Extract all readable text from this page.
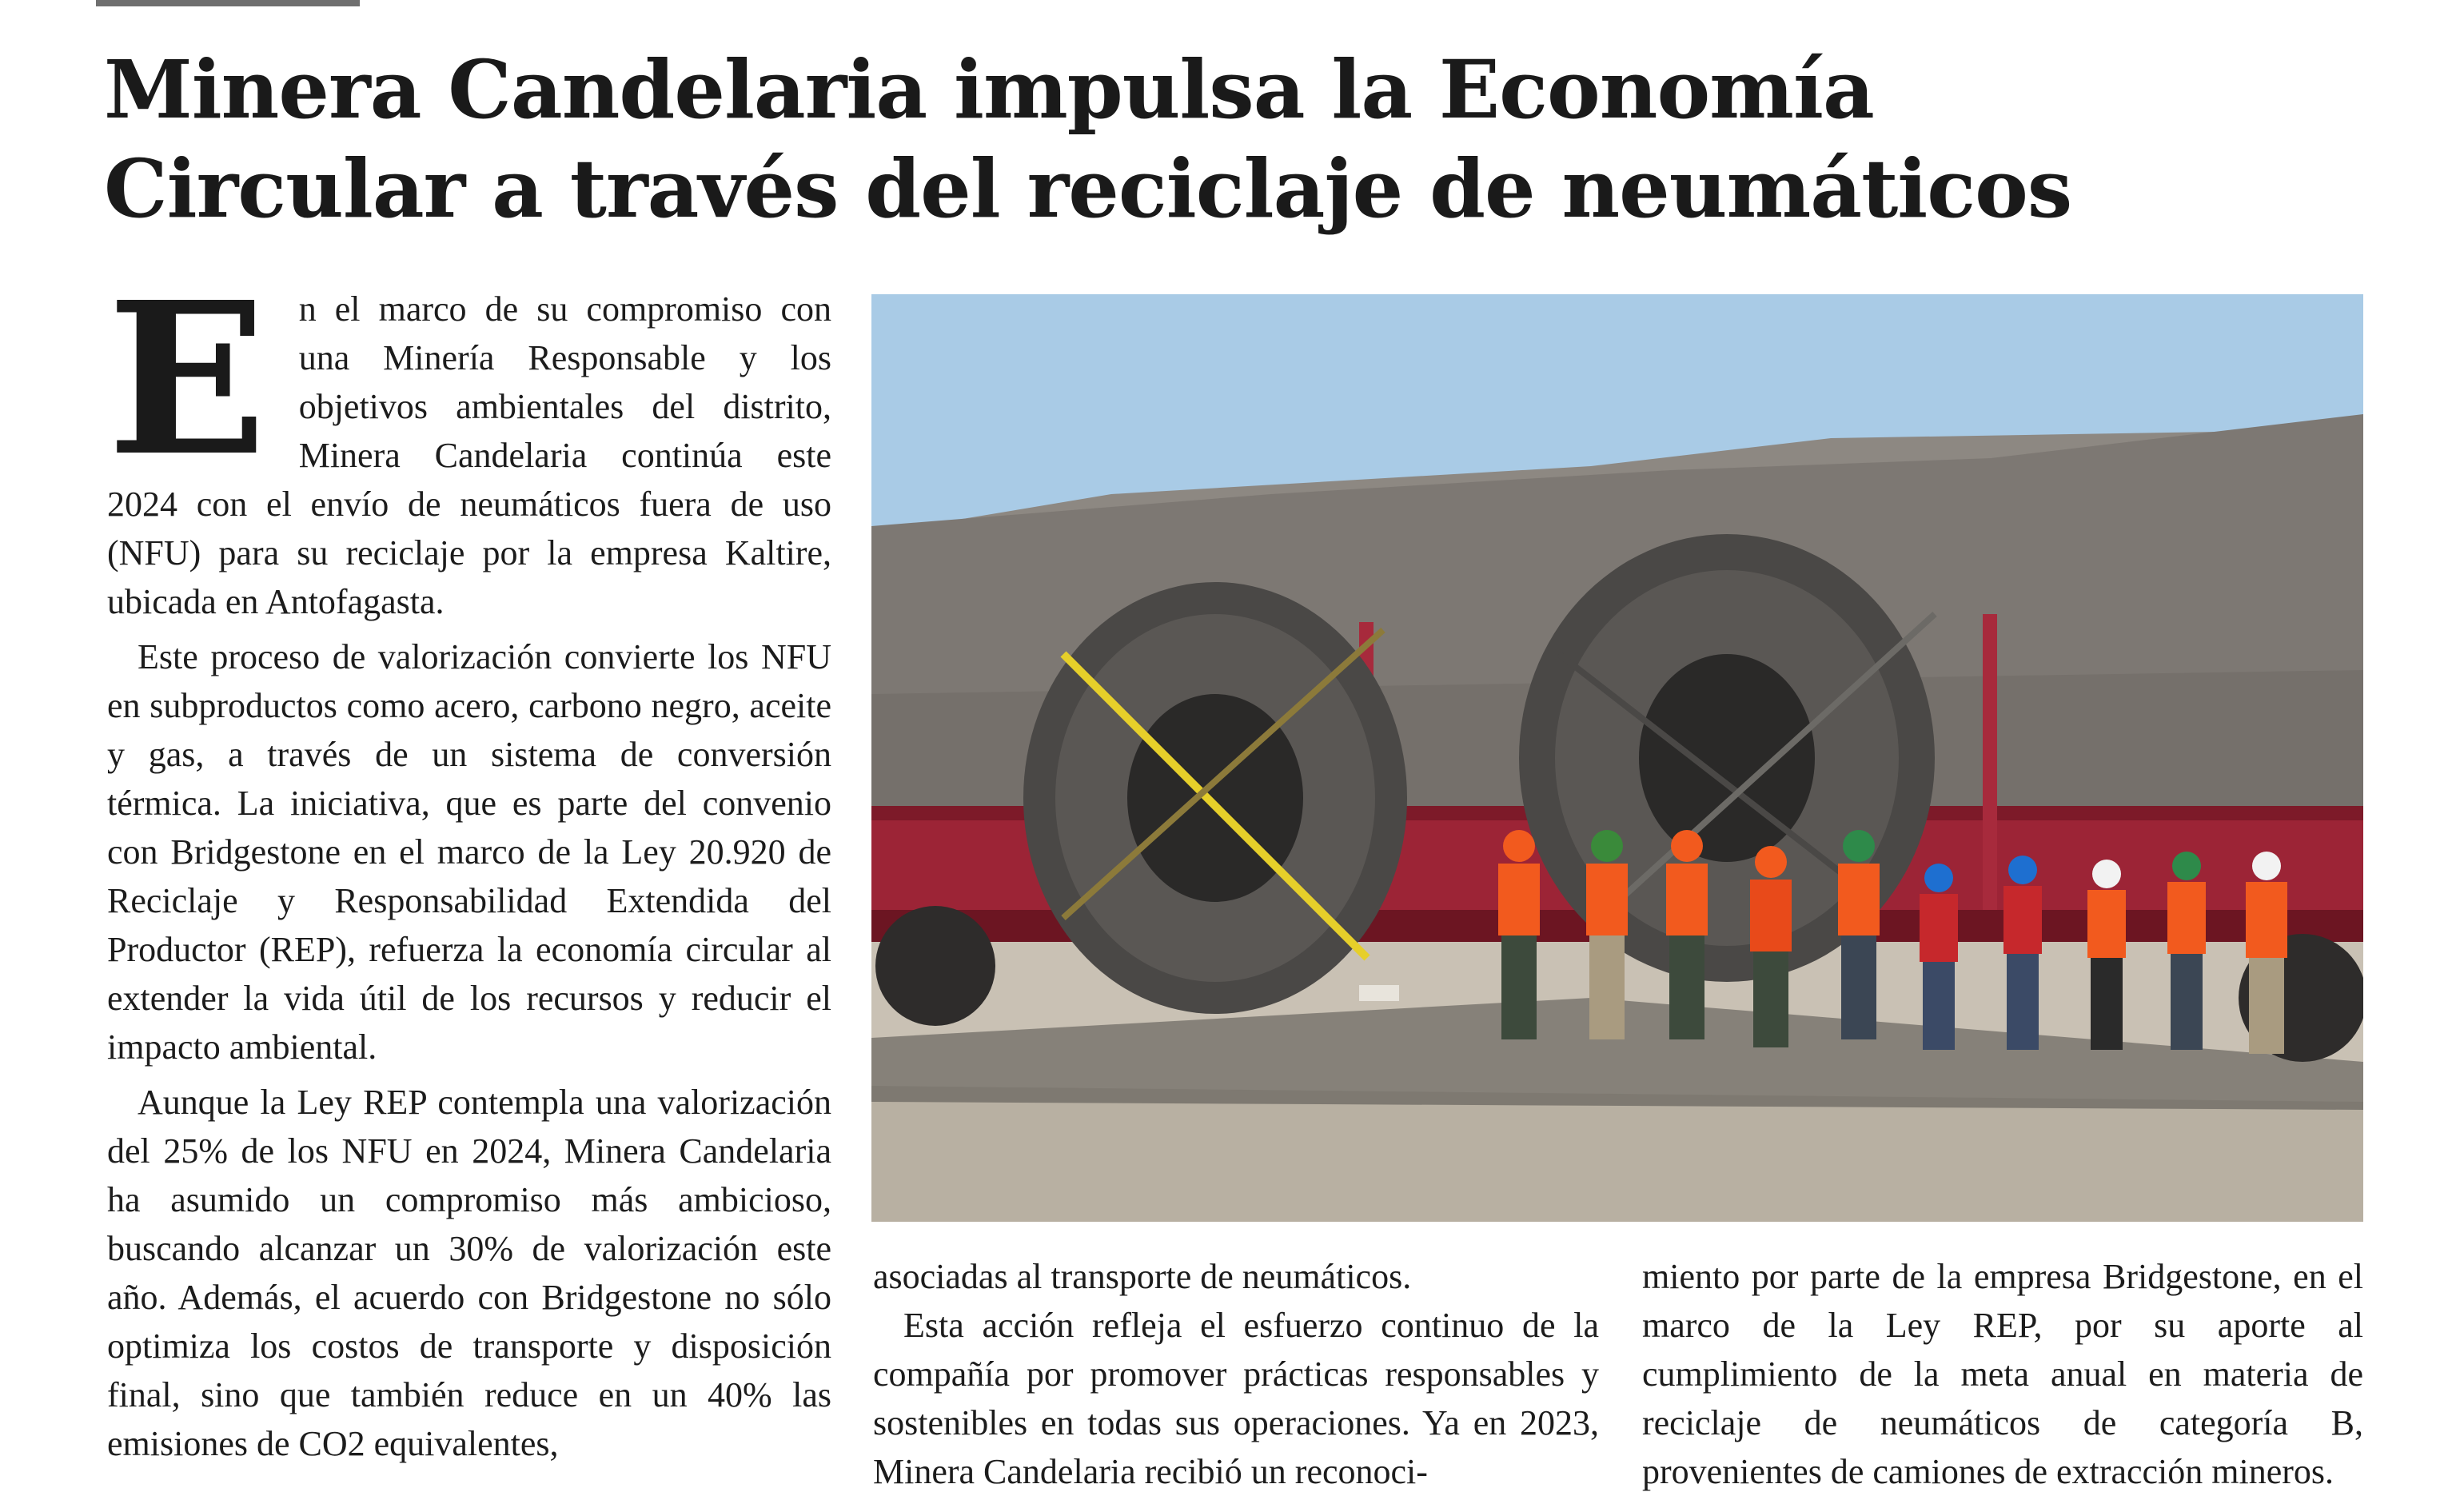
Minera Candelaria impulsa la Economía
Circular a través del reciclaje de neumáticos

En el marco de su compromiso con una Minería Responsable y los objetivos ambientales del distrito, Minera Candelaria continúa este 2024 con el envío de neumáticos fuera de uso (NFU) para su reciclaje por la empresa Kaltire, ubicada en Antofagasta.

Este proceso de valorización convierte los NFU en subproductos como acero, carbono negro, aceite y gas, a través de un sistema de conversión térmica. La iniciativa, que es parte del convenio con Bridgestone en el marco de la Ley 20.920 de Reciclaje y Responsabilidad Extendida del Productor (REP), refuerza la economía circular al extender la vida útil de los recursos y reducir el impacto ambiental.

Aunque la Ley REP contempla una valorización del 25% de los NFU en 2024, Minera Candelaria ha asumido un compromiso más ambicioso, buscando alcanzar un 30% de valorización este año. Además, el acuerdo con Bridgestone no sólo optimiza los costos de transporte y disposición final, sino que también reduce en un 40% las emisiones de CO2 equivalentes,

asociadas al transporte de neumáticos.

Esta acción refleja el esfuerzo continuo de la compañía por promover prácticas responsables y sostenibles en todas sus operaciones. Ya en 2023, Minera Candelaria recibió un reconoci-

miento por parte de la empresa Bridgestone, en el marco de la Ley REP, por su aporte al cumplimiento de la meta anual en materia de reciclaje de neumáticos de categoría B, provenientes de camiones de extracción mineros.
